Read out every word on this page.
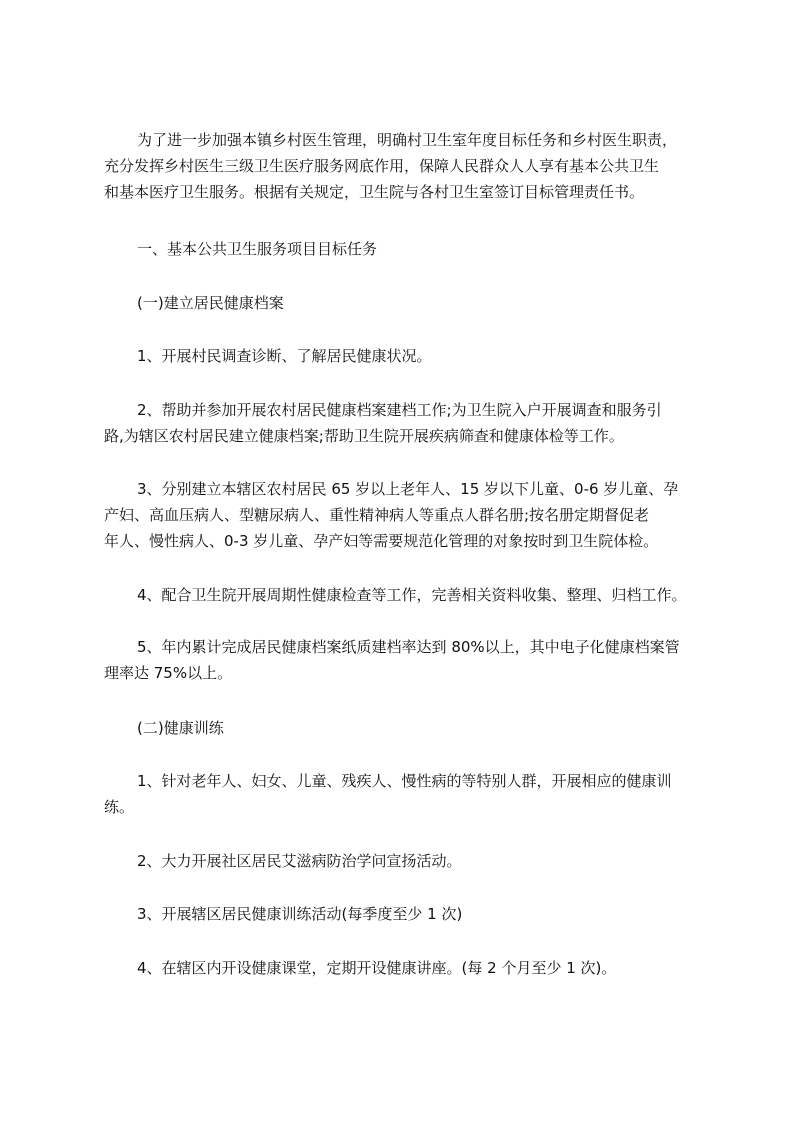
为了进一步加强本镇乡村医生管理，明确村卫生室年度目标任务和乡村医生职责，
充分发挥乡村医生三级卫生医疗服务网底作用，保障人民群众人人享有基本公共卫生
和基本医疗卫生服务。根据有关规定，卫生院与各村卫生室签订目标管理责任书。

一、基本公共卫生服务项目目标任务

(一)建立居民健康档案

1、开展村民调查诊断、了解居民健康状况。

2、帮助并参加开展农村居民健康档案建档工作;为卫生院入户开展调查和服务引
路,为辖区农村居民建立健康档案;帮助卫生院开展疾病筛查和健康体检等工作。

3、分别建立本辖区农村居民 65 岁以上老年人、15 岁以下儿童、0-6 岁儿童、孕
产妇、高血压病人、型糖尿病人、重性精神病人等重点人群名册;按名册定期督促老
年人、慢性病人、0-3 岁儿童、孕产妇等需要规范化管理的对象按时到卫生院体检。

4、配合卫生院开展周期性健康检查等工作，完善相关资料收集、整理、归档工作。

5、年内累计完成居民健康档案纸质建档率达到 80%以上，其中电子化健康档案管
理率达 75%以上。

(二)健康训练

1、针对老年人、妇女、儿童、残疾人、慢性病的等特别人群，开展相应的健康训
练。

2、大力开展社区居民艾滋病防治学问宣扬活动。

3、开展辖区居民健康训练活动(每季度至少 1 次)

4、在辖区内开设健康课堂，定期开设健康讲座。(每 2 个月至少 1 次)。
